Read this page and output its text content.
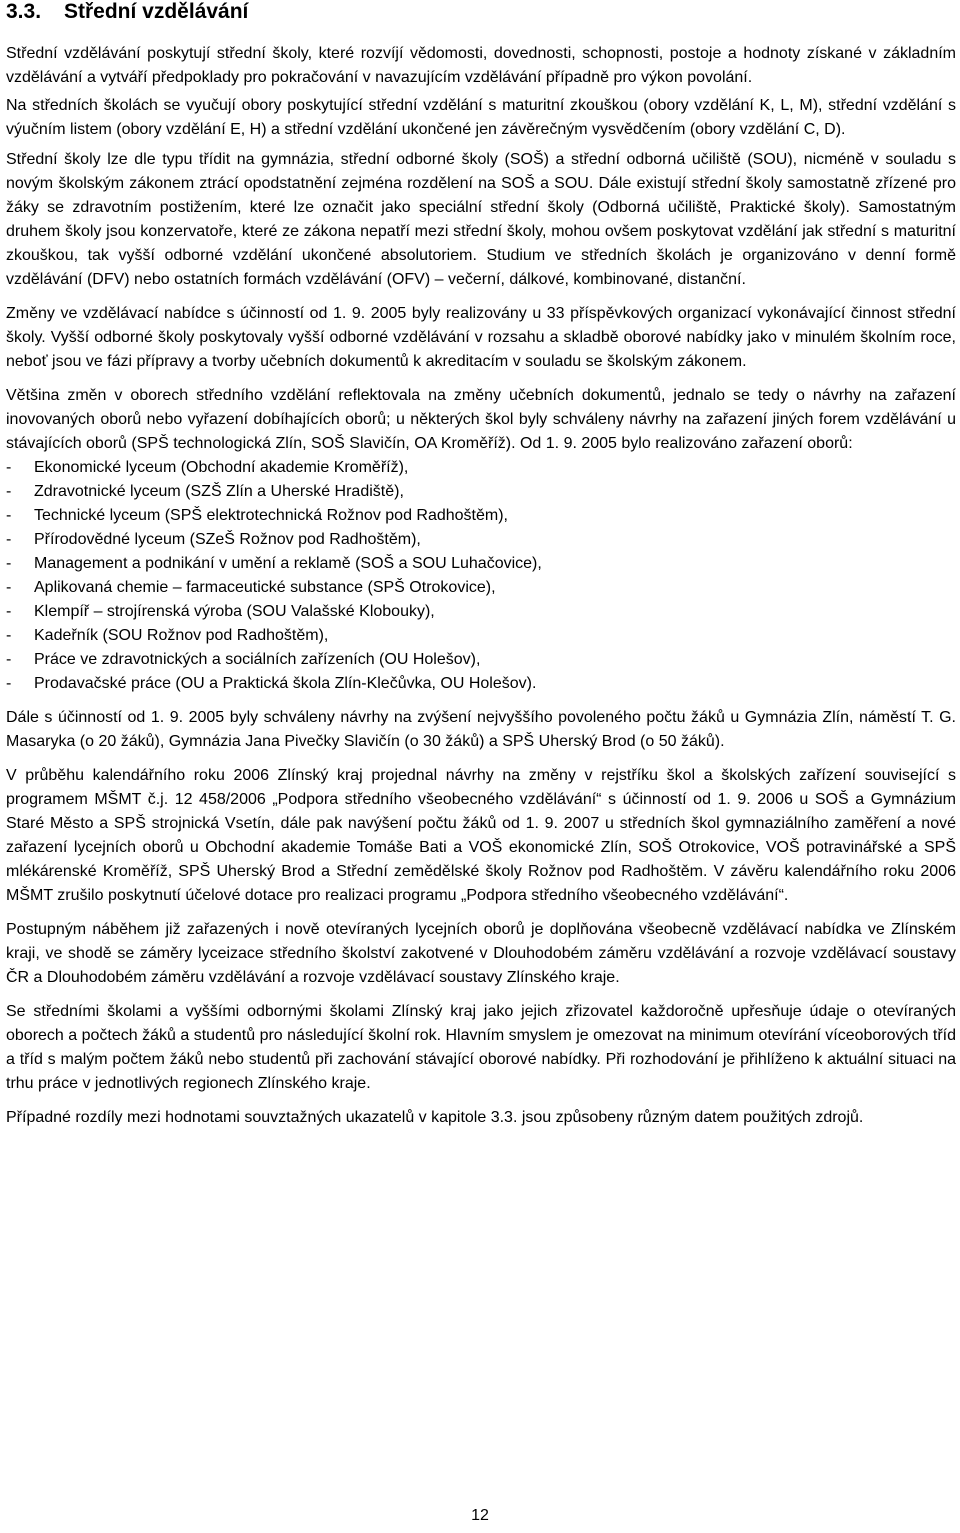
3.3. Střední vzdělávání

Střední vzdělávání poskytují střední školy, které rozvíjí vědomosti, dovednosti, schopnosti, postoje a hodnoty získané v základním vzdělávání a vytváří předpoklady pro pokračování v navazujícím vzdělávání případně pro výkon povolání.

Na středních školách se vyučují obory poskytující střední vzdělání s maturitní zkouškou (obory vzdělání K, L, M), střední vzdělání s výučním listem (obory vzdělání E, H) a střední vzdělání ukončené jen závěrečným vysvědčením (obory vzdělání C, D).

Střední školy lze dle typu třídit na gymnázia, střední odborné školy (SOŠ) a střední odborná učiliště (SOU), nicméně v souladu s novým školským zákonem ztrácí opodstatnění zejména rozdělení na SOŠ a SOU. Dále existují střední školy samostatně zřízené pro žáky se zdravotním postižením, které lze označit jako speciální střední školy (Odborná učiliště, Praktické školy). Samostatným druhem školy jsou konzervatoře, které ze zákona nepatří mezi střední školy, mohou ovšem poskytovat vzdělání jak střední s maturitní zkouškou, tak vyšší odborné vzdělání ukončené absolutoriem. Studium ve středních školách je organizováno v denní formě vzdělávání (DFV) nebo ostatních formách vzdělávání (OFV) – večerní, dálkové, kombinované, distanční.

Změny ve vzdělávací nabídce s účinností od 1. 9. 2005 byly realizovány u 33 příspěvkových organizací vykonávající činnost střední školy. Vyšší odborné školy poskytovaly vyšší odborné vzdělávání v rozsahu a skladbě oborové nabídky jako v minulém školním roce, neboť jsou ve fázi přípravy a tvorby učebních dokumentů k akreditacím v souladu se školským zákonem.

Většina změn v oborech středního vzdělání reflektovala na změny učebních dokumentů, jednalo se tedy o návrhy na zařazení inovovaných oborů nebo vyřazení dobíhajících oborů; u některých škol byly schváleny návrhy na zařazení jiných forem vzdělávání u stávajících oborů (SPŠ technologická Zlín, SOŠ Slavičín, OA Kroměříž). Od 1. 9. 2005 bylo realizováno zařazení oborů:

- Ekonomické lyceum (Obchodní akademie Kroměříž),
- Zdravotnické lyceum (SZŠ Zlín a Uherské Hradiště),
- Technické lyceum (SPŠ elektrotechnická Rožnov pod Radhoštěm),
- Přírodovědné lyceum (SZeŠ Rožnov pod Radhoštěm),
- Management a podnikání v umění a reklamě (SOŠ a SOU Luhačovice),
- Aplikovaná chemie – farmaceutické substance (SPŠ Otrokovice),
- Klempíř – strojírenská výroba (SOU Valašské Klobouky),
- Kadeřník (SOU Rožnov pod Radhoštěm),
- Práce ve zdravotnických a sociálních zařízeních (OU Holešov),
- Prodavačské práce (OU a Praktická škola Zlín-Klečůvka, OU Holešov).

Dále s účinností od 1. 9. 2005 byly schváleny návrhy na zvýšení nejvyššího povoleného počtu žáků u Gymnázia Zlín, náměstí T. G. Masaryka (o 20 žáků), Gymnázia Jana Pivečky Slavičín (o 30 žáků) a SPŠ Uherský Brod (o 50 žáků).

V průběhu kalendářního roku 2006 Zlínský kraj projednal návrhy na změny v rejstříku škol a školských zařízení související s programem MŠMT č.j. 12 458/2006 „Podpora středního všeobecného vzdělávání“ s účinností od 1. 9. 2006 u SOŠ a Gymnázium Staré Město a SPŠ strojnická Vsetín, dále pak navýšení počtu žáků od 1. 9. 2007 u středních škol gymnaziálního zaměření a nové zařazení lycejních oborů u Obchodní akademie Tomáše Bati a VOŠ ekonomické Zlín, SOŠ Otrokovice, VOŠ potravinářské a SPŠ mlékárenské Kroměříž, SPŠ Uherský Brod a Střední zemědělské školy Rožnov pod Radhoštěm. V závěru kalendářního roku 2006 MŠMT zrušilo poskytnutí účelové dotace pro realizaci programu „Podpora středního všeobecného vzdělávání“.

Postupným náběhem již zařazených i nově otevíraných lycejních oborů je doplňována všeobecně vzdělávací nabídka ve Zlínském kraji, ve shodě se záměry lyceizace středního školství zakotvené v Dlouhodobém záměru vzdělávání a rozvoje vzdělávací soustavy ČR a Dlouhodobém záměru vzdělávání a rozvoje vzdělávací soustavy Zlínského kraje.

Se středními školami a vyššími odbornými školami Zlínský kraj jako jejich zřizovatel každoročně upřesňuje údaje o otevíraných oborech a počtech žáků a studentů pro následující školní rok. Hlavním smyslem je omezovat na minimum otevírání víceoborových tříd a tříd s malým počtem žáků nebo studentů při zachování stávající oborové nabídky. Při rozhodování je přihlíženo k aktuální situaci na trhu práce v jednotlivých regionech Zlínského kraje.

Případné rozdíly mezi hodnotami souvztažných ukazatelů v kapitole 3.3. jsou způsobeny různým datem použitých zdrojů.

12
